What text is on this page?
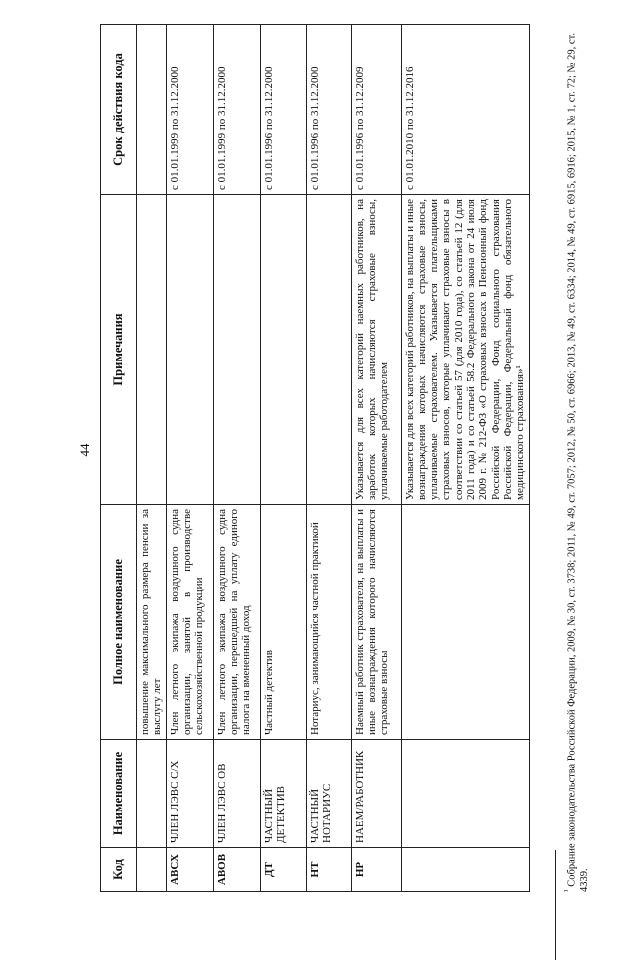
44
Код	Наименование	Полное наименование	Примечания	Срок действия кода
		повышение максимального размера пенсии за выслугу лет		
АВСХ	ЧЛЕН ЛЭВС С/Х	Член летного экипажа воздушного судна организации, занятой в производстве сельскохозяйственной продукции		с 01.01.1999 по 31.12.2000
АВОВ	ЧЛЕН ЛЭВС ОВ	Член летного экипажа воздушного судна организации, перешедшей на уплату единого налога на вмененный доход		с 01.01.1999 по 31.12.2000
ДТ	ЧАСТНЫЙ ДЕТЕКТИВ	Частный детектив		с 01.01.1996 по 31.12.2000
НТ	ЧАСТНЫЙ НОТАРИУС	Нотариус, занимающийся частной практикой		с 01.01.1996 по 31.12.2000
НР	НАЕМ/РАБОТНИК	Наемный работник страхователя, на выплаты и иные вознаграждения которого начисляются страховые взносы	Указывается для всех категорий наемных работников, на заработок которых начисляются страховые взносы, уплачиваемые работодателем	с 01.01.1996 по 31.12.2009
			Указывается для всех категорий работников, на выплаты и иные вознаграждения которых начисляются страховые взносы, уплачиваемые страхователем. Указывается плательщиками страховых взносов, которые уплачивают страховые взносы в соответствии со статьей 57 (для 2010 года), со статьей 12 (для 2011 года) и со статьей 58.2 Федерального закона от 24 июля 2009 г. № 212-ФЗ «О страховых взносах в Пенсионный фонд Российской Федерации, Фонд социального страхования Российской Федерации, Федеральный фонд обязательного медицинского страхования»¹	с 01.01.2010 по 31.12.2016
$^{^1}$ Собрание законодательства Российской Федерации, 2009, № 30, ст. 3738; 2011, № 49, ст. 7057; 2012, № 50, ст. 6966; 2013, № 49, ст. 6334; 2014, № 49, ст. 6915, 6916; 2015, № 1, ст. 72; № 29, ст. 4339.
